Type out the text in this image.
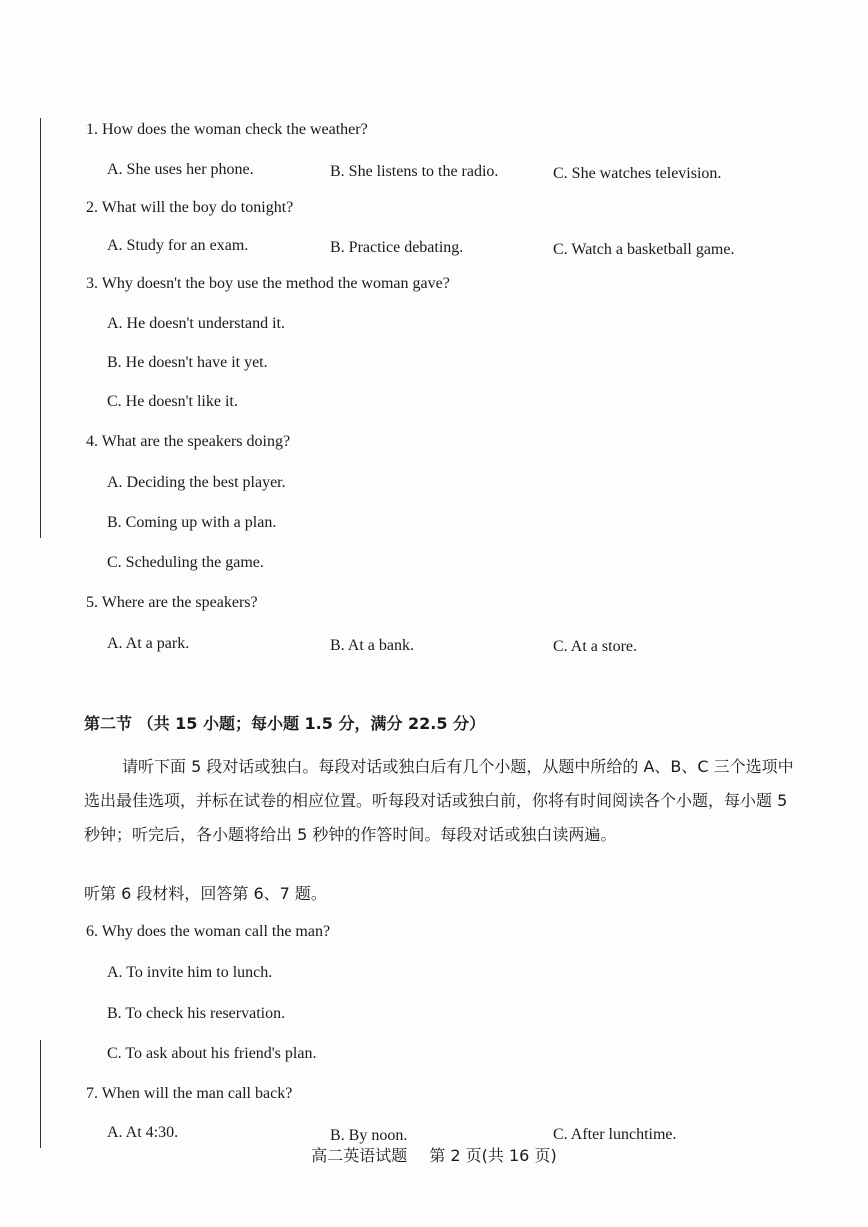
1. How does the woman check the weather?
A. She uses her phone.	B. She listens to the radio.	C. She watches television.
2. What will the boy do tonight?
A. Study for an exam.	B. Practice debating.	C. Watch a basketball game.
3. Why doesn't the boy use the method the woman gave?
A. He doesn't understand it.
B. He doesn't have it yet.
C. He doesn't like it.
4. What are the speakers doing?
A. Deciding the best player.
B. Coming up with a plan.
C. Scheduling the game.
5. Where are the speakers?
A. At a park.	B. At a bank.	C. At a store.
第二节 （共 15 小题；每小题 1.5 分，满分 22.5 分）
请听下面 5 段对话或独白。每段对话或独白后有几个小题，从题中所给的 A、B、C 三个选项中选出最佳选项，并标在试卷的相应位置。听每段对话或独白前，你将有时间阅读各个小题，每小题 5 秒钟；听完后，各小题将给出 5 秒钟的作答时间。每段对话或独白读两遍。
听第 6 段材料，回答第 6、7 题。
6. Why does the woman call the man?
A. To invite him to lunch.
B. To check his reservation.
C. To ask about his friend's plan.
7. When will the man call back?
A. At 4:30.	B. By noon.	C. After lunchtime.
高二英语试题 第 2 页(共 16 页)
